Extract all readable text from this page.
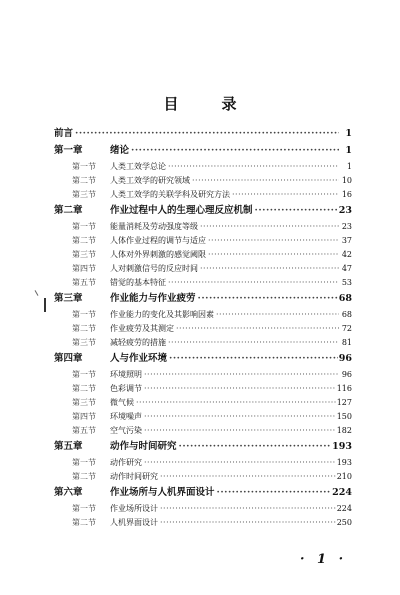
目　录
前言 ·····	1
第一章	绪论 ·····	1
第一节	人类工效学总论 ·····	1
第二节	人类工效学的研究领域 ·····	10
第三节	人类工效学的关联学科及研究方法 ·····	16
第二章	作业过程中人的生理心理反应机制 ·····	23
第一节	能量消耗及劳动强度等级 ·····	23
第二节	人体作业过程的调节与适应 ·····	37
第三节	人体对外界刺激的感觉阈限 ·····	42
第四节	人对刺激信号的反应时间 ·····	47
第五节	错觉的基本特征 ·····	53
第三章	作业能力与作业疲劳 ·····	68
第一节	作业能力的变化及其影响因素 ·····	68
第二节	作业疲劳及其测定 ·····	72
第三节	减轻疲劳的措施 ·····	81
第四章	人与作业环境 ·····	96
第一节	环境照明 ·····	96
第二节	色彩调节 ·····	116
第三节	微气候 ·····	127
第四节	环境噪声 ·····	150
第五节	空气污染 ·····	182
第五章	动作与时间研究 ·····	193
第一节	动作研究 ·····	193
第二节	动作时间研究 ·····	210
第六章	作业场所与人机界面设计 ·····	224
第一节	作业场所设计 ·····	224
第二节	人机界面设计 ·····	250
· 1 ·
